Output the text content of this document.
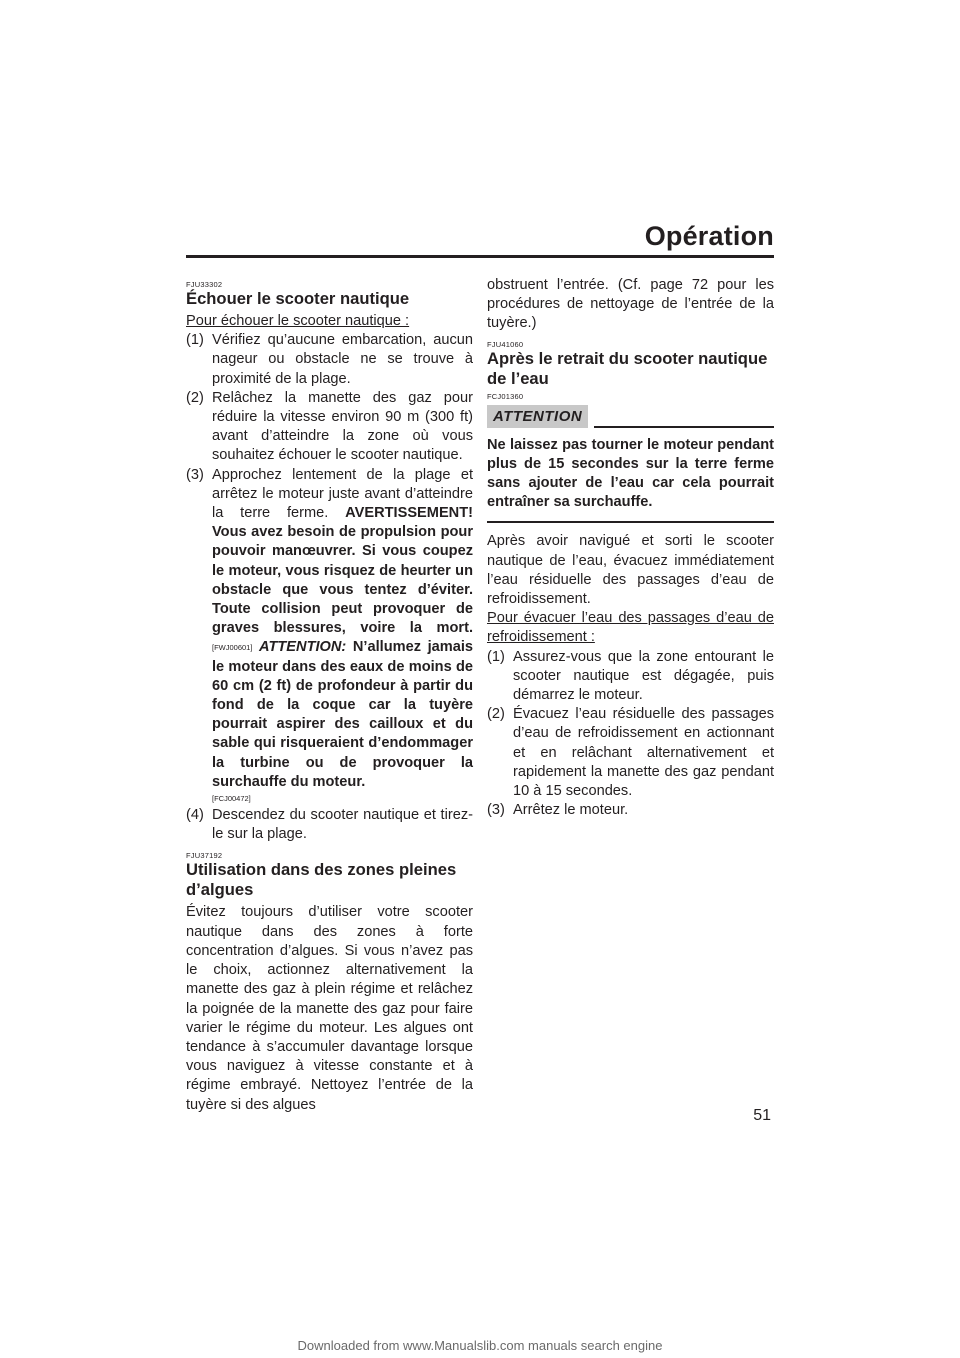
Opération
FJU33302
Échouer le scooter nautique

Pour échouer le scooter nautique :

(1) Vérifiez qu’aucune embarcation, aucun nageur ou obstacle ne se trouve à proximité de la plage.
(2) Relâchez la manette des gaz pour réduire la vitesse environ 90 m (300 ft) avant d’atteindre la zone où vous souhaitez échouer le scooter nautique.
(3) Approchez lentement de la plage et arrêtez le moteur juste avant d’atteindre la terre ferme. AVERTISSEMENT! Vous avez besoin de propulsion pour pouvoir manœuvrer. Si vous coupez le moteur, vous risquez de heurter un obstacle que vous tentez d’éviter. Toute collision peut provoquer de graves blessures, voire la mort. [FWJ00601] ATTENTION: N’allumez jamais le moteur dans des eaux de moins de 60 cm (2 ft) de profondeur à partir du fond de la coque car la tuyère pourrait aspirer des cailloux et du sable qui risqueraient d’endommager la turbine ou de provoquer la surchauffe du moteur.
[FCJ00472]
(4) Descendez du scooter nautique et tirez-le sur la plage.
FJU37192
Utilisation dans des zones pleines d’algues

Évitez toujours d’utiliser votre scooter nautique dans des zones à forte concentration d’algues. Si vous n’avez pas le choix, actionnez alternativement la manette des gaz à plein régime et relâchez la poignée de la manette des gaz pour faire varier le régime du moteur. Les algues ont tendance à s’accumuler davantage lorsque vous naviguez à vitesse constante et à régime embrayé. Nettoyez l’entrée de la tuyère si des algues

obstruent l’entrée. (Cf. page 72 pour les procédures de nettoyage de l’entrée de la tuyère.)

FJU41060
Après le retrait du scooter nautique de l’eau
FCJ01360
ATTENTION
Ne laissez pas tourner le moteur pendant plus de 15 secondes sur la terre ferme sans ajouter de l’eau car cela pourrait entraîner sa surchauffe.

Après avoir navigué et sorti le scooter nautique de l’eau, évacuez immédiatement l’eau résiduelle des passages d’eau de refroidissement.

Pour évacuer l’eau des passages d’eau de refroidissement :

(1) Assurez-vous que la zone entourant le scooter nautique est dégagée, puis démarrez le moteur.
(2) Évacuez l’eau résiduelle des passages d’eau de refroidissement en actionnant et en relâchant alternativement et rapidement la manette des gaz pendant 10 à 15 secondes.
(3) Arrêtez le moteur.
51
Downloaded from www.Manualslib.com manuals search engine
